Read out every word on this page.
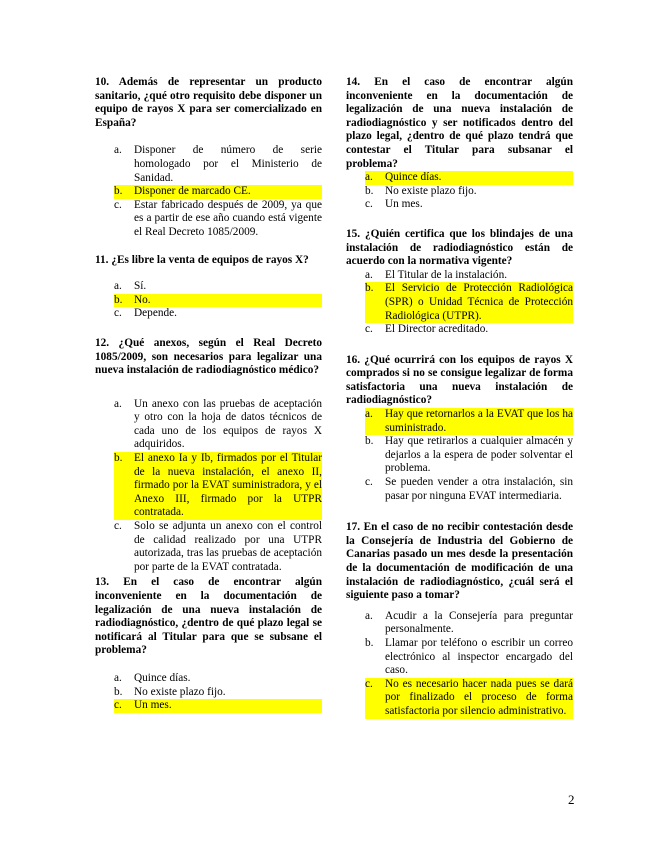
10. Además de representar un producto sanitario, ¿qué otro requisito debe disponer un equipo de rayos X para ser comercializado en España?

a.	Disponer de número de serie homologado por el Ministerio de Sanidad.
b.	Disponer de marcado CE.
c.	Estar fabricado después de 2009, ya que es a partir de ese año cuando está vigente el Real Decreto 1085/2009.

11. ¿Es libre la venta de equipos de rayos X?

a.	Sí.
b.	No.
c.	Depende.

12. ¿Qué anexos, según el Real Decreto 1085/2009, son necesarios para legalizar una nueva instalación de radiodiagnóstico médico?

a.	Un anexo con las pruebas de aceptación y otro con la hoja de datos técnicos de cada uno de los equipos de rayos X adquiridos.
b.	El anexo Ia y Ib, firmados por el Titular de la nueva instalación, el anexo II, firmado por la EVAT suministradora, y el Anexo III, firmado por la UTPR contratada.
c.	Solo se adjunta un anexo con el control de calidad realizado por una UTPR autorizada, tras las pruebas de aceptación por parte de la EVAT contratada.

13. En el caso de encontrar algún inconveniente en la documentación de legalización de una nueva instalación de radiodiagnóstico, ¿dentro de qué plazo legal se notificará al Titular para que se subsane el problema?

a.	Quince días.
b.	No existe plazo fijo.
c.	Un mes.

14. En el caso de encontrar algún inconveniente en la documentación de legalización de una nueva instalación de radiodiagnóstico y ser notificados dentro del plazo legal, ¿dentro de qué plazo tendrá que contestar el Titular para subsanar el problema?

a.	Quince días.
b.	No existe plazo fijo.
c.	Un mes.

15. ¿Quién certifica que los blindajes de una instalación de radiodiagnóstico están de acuerdo con la normativa vigente?

a.	El Titular de la instalación.
b.	El Servicio de Protección Radiológica (SPR) o Unidad Técnica de Protección Radiológica (UTPR).
c.	El Director acreditado.

16. ¿Qué ocurrirá con los equipos de rayos X comprados si no se consigue legalizar de forma satisfactoria una nueva instalación de radiodiagnóstico?

a.	Hay que retornarlos a la EVAT que los ha suministrado.
b.	Hay que retirarlos a cualquier almacén y dejarlos a la espera de poder solventar el problema.
c.	Se pueden vender a otra instalación, sin pasar por ninguna EVAT intermediaria.

17. En el caso de no recibir contestación desde la Consejería de Industria del Gobierno de Canarias pasado un mes desde la presentación de la documentación de modificación de una instalación de radiodiagnóstico, ¿cuál será el siguiente paso a tomar?

a.	Acudir a la Consejería para preguntar personalmente.
b.	Llamar por teléfono o escribir un correo electrónico al inspector encargado del caso.
c.	No es necesario hacer nada pues se dará por finalizado el proceso de forma satisfactoria por silencio administrativo.
2
